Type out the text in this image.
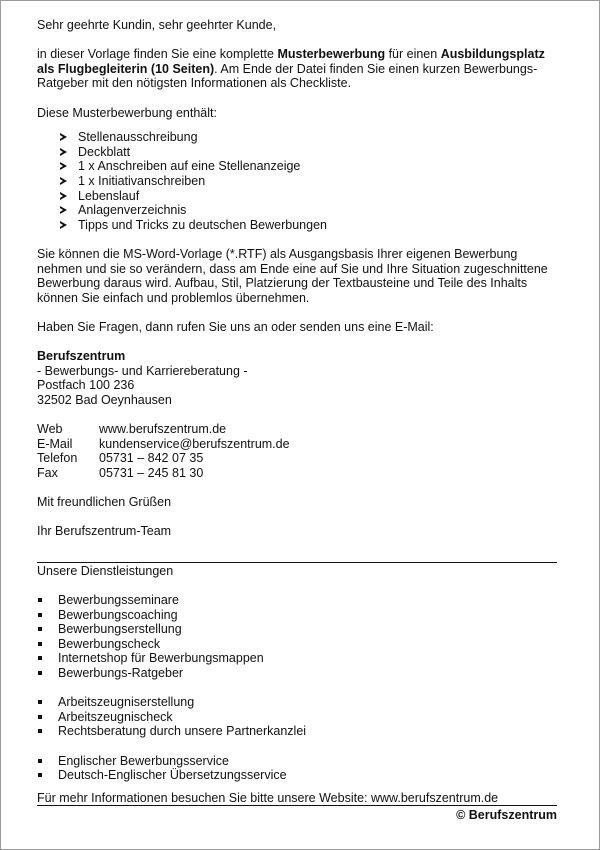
Sehr geehrte Kundin, sehr geehrter Kunde,

in dieser Vorlage finden Sie eine komplette Musterbewerbung für einen Ausbildungsplatz als Flugbegleiterin (10 Seiten). Am Ende der Datei finden Sie einen kurzen Bewerbungs-Ratgeber mit den nötigsten Informationen als Checkliste.

Diese Musterbewerbung enthält:

Stellenausschreibung
Deckblatt
1 x Anschreiben auf eine Stellenanzeige
1 x Initiativanschreiben
Lebenslauf
Anlagenverzeichnis
Tipps und Tricks zu deutschen Bewerbungen

Sie können die MS-Word-Vorlage (*.RTF) als Ausgangsbasis Ihrer eigenen Bewerbung nehmen und sie so verändern, dass am Ende eine auf Sie und Ihre Situation zugeschnittene Bewerbung daraus wird. Aufbau, Stil, Platzierung der Textbausteine und Teile des Inhalts können Sie einfach und problemlos übernehmen.

Haben Sie Fragen, dann rufen Sie uns an oder senden uns eine E-Mail:

Berufszentrum

- Bewerbungs- und Karriereberatung -

Postfach 100 236

32502 Bad Oeynhausen

Web	www.berufszentrum.de
E-Mail	kundenservice@berufszentrum.de
Telefon	05731 – 842 07 35
Fax	05731 – 245 81 30

Mit freundlichen Grüßen

Ihr Berufszentrum-Team

Unsere Dienstleistungen

Bewerbungsseminare
Bewerbungscoaching
Bewerbungserstellung
Bewerbungscheck
Internetshop für Bewerbungsmappen
Bewerbungs-Ratgeber
Arbeitszeugniserstellung
Arbeitszeugnischeck
Rechtsberatung durch unsere Partnerkanzlei
Englischer Bewerbungsservice
Deutsch-Englischer Übersetzungsservice

Für mehr Informationen besuchen Sie bitte unsere Website: www.berufszentrum.de

© Berufszentrum
